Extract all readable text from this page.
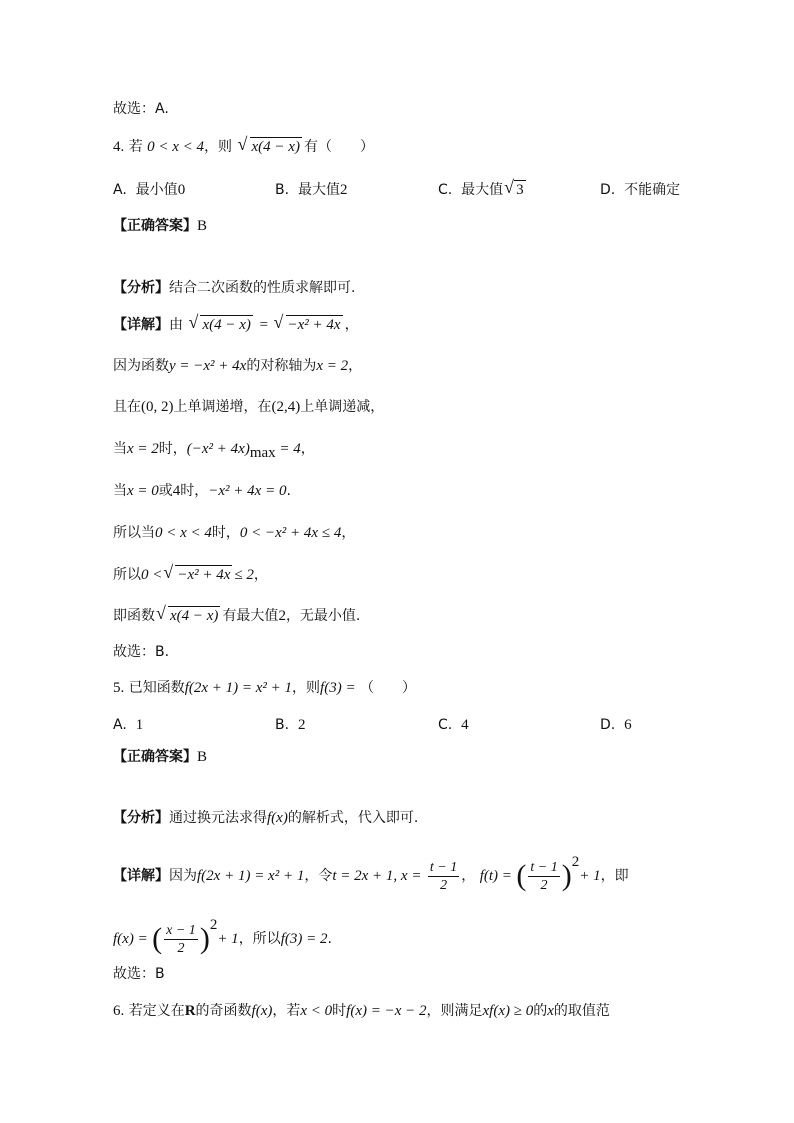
故选：A.
4. 若 0 < x < 4，则 √ x(4 − x) 有（　　）
A. 最小值0	B. 最大值2	C. 最大值 √ 3	D. 不能确定
【正确答案】B
【分析】结合二次函数的性质求解即可.
【详解】由 √ x(4 − x) = √ −x² + 4x ，
因为函数y = −x² + 4x的对称轴为x = 2，
且在(0, 2)上单调递增，在(2,4)上单调递减，
当x = 2时，$(-x^2 + 4x)_{max} = 4$，
当x = 0或4时，−x² + 4x = 0.
所以当0 < x < 4时，0 < −x² + 4x ≤ 4，
所以0 < √ −x² + 4x ≤ 2，
即函数 √ x(4 − x) 有最大值2，无最小值.
故选：B.
5. 已知函数f(2x + 1) = x² + 1，则f(3) = （　　）
A. 1	B. 2	C. 4	D. 6
【正确答案】B
【分析】通过换元法求得f(x)的解析式，代入即可.
【详解】因为f(2x + 1) = x² + 1，令t = 2x + 1, $x = \frac{t - 1}{2}$ ， f(t) = ( $\frac{t - 1}{2} )^2+ 1$，即
f(x) = ( $\frac{x - 1}{2} )^2+ 1$，所以f(3) = 2.
故选：B
6. 若定义在R的奇函数f(x)，若x < 0时f(x) = −x − 2，则满足xf(x) ≥ 0的x的取值范
